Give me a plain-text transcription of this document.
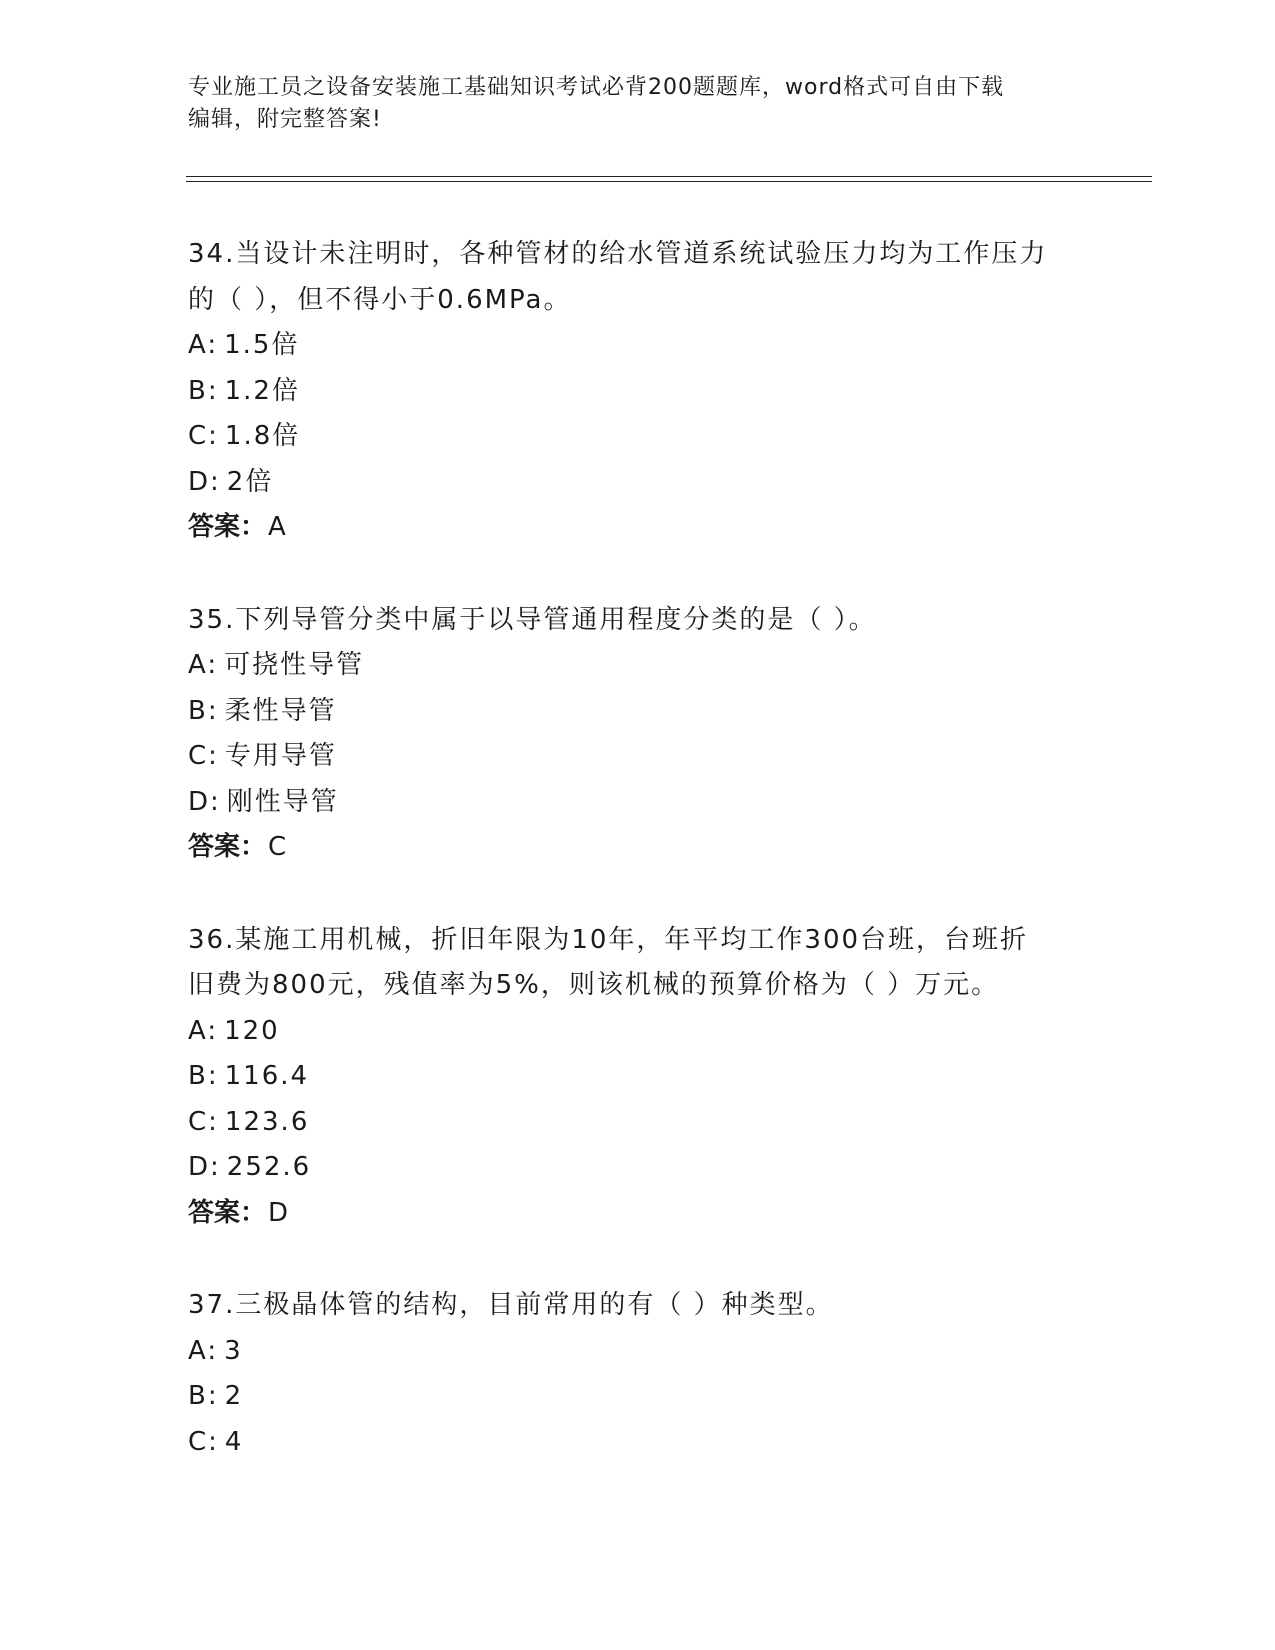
专业施工员之设备安装施工基础知识考试必背200题题库，word格式可自由下载
编辑，附完整答案!
34.当设计未注明时，各种管材的给水管道系统试验压力均为工作压力
的（ ），但不得小于0.6MPa。
A: 1.5倍
B: 1.2倍
C: 1.8倍
D: 2倍
答案：A
35.下列导管分类中属于以导管通用程度分类的是（ ）。
A: 可挠性导管
B: 柔性导管
C: 专用导管
D: 刚性导管
答案：C
36.某施工用机械，折旧年限为10年，年平均工作300台班，台班折
旧费为800元，残值率为5%，则该机械的预算价格为（ ）万元。
A: 120
B: 116.4
C: 123.6
D: 252.6
答案：D
37.三极晶体管的结构，目前常用的有（ ）种类型。
A: 3
B: 2
C: 4
